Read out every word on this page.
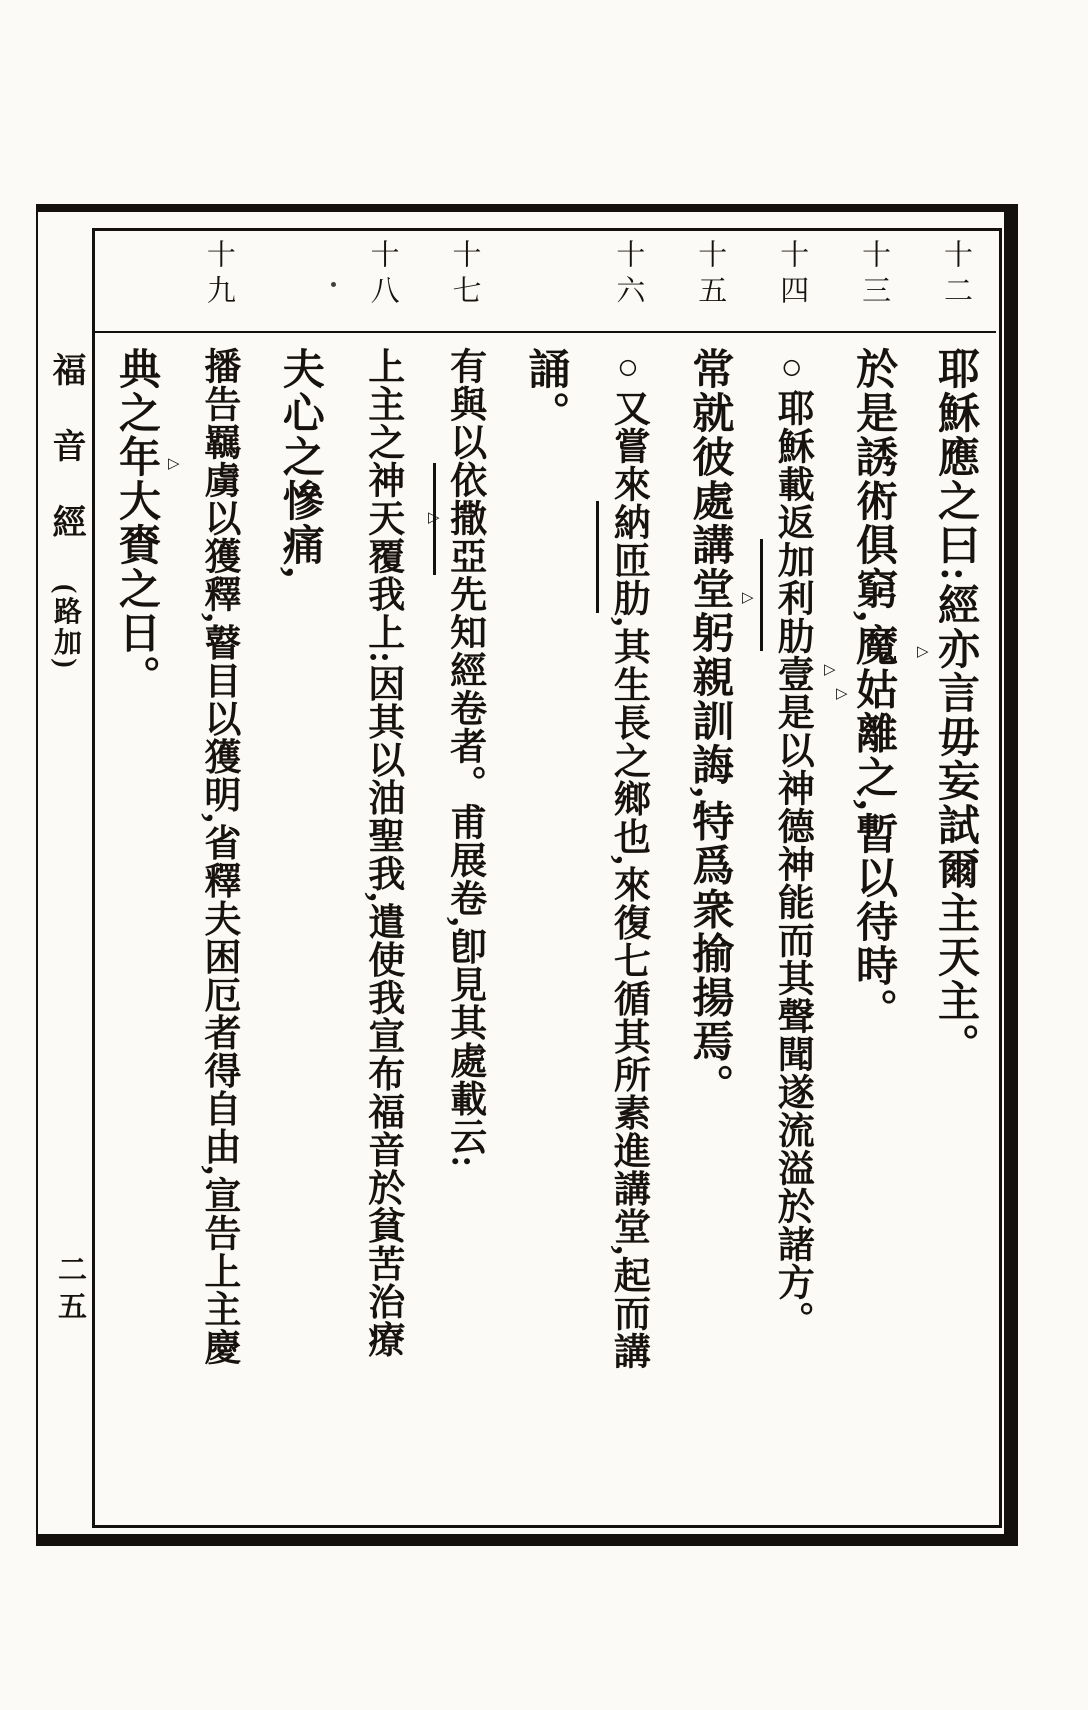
十二
十三
十四
十五
十六
十七
十八
十九
耶穌應之曰:經亦言毋妄試爾主天主。
於是誘術俱窮,魔姑離之,暫以待時。
○耶穌載返加利肋壹是以神德神能而其聲聞遂流溢於諸方。
常就彼處講堂躬親訓誨,特爲衆揄揚焉。
○又嘗來納匝肋,其生長之鄉也,來復七循其所素進講堂,起而講
誦。
有與以依撒亞先知經卷者。甫展卷,卽見其處載云:
上主之神天覆我上:因其以油聖我,遣使我宣布福音於貧苦治療
夫心之慘痛,
播告羈虜以獲釋,瞽目以獲明,省釋夫困厄者得自由,宣告上主慶
典之年大賚之日。	▷
▷
▷
▷
▷
▷
福音經 (路加)
二五
